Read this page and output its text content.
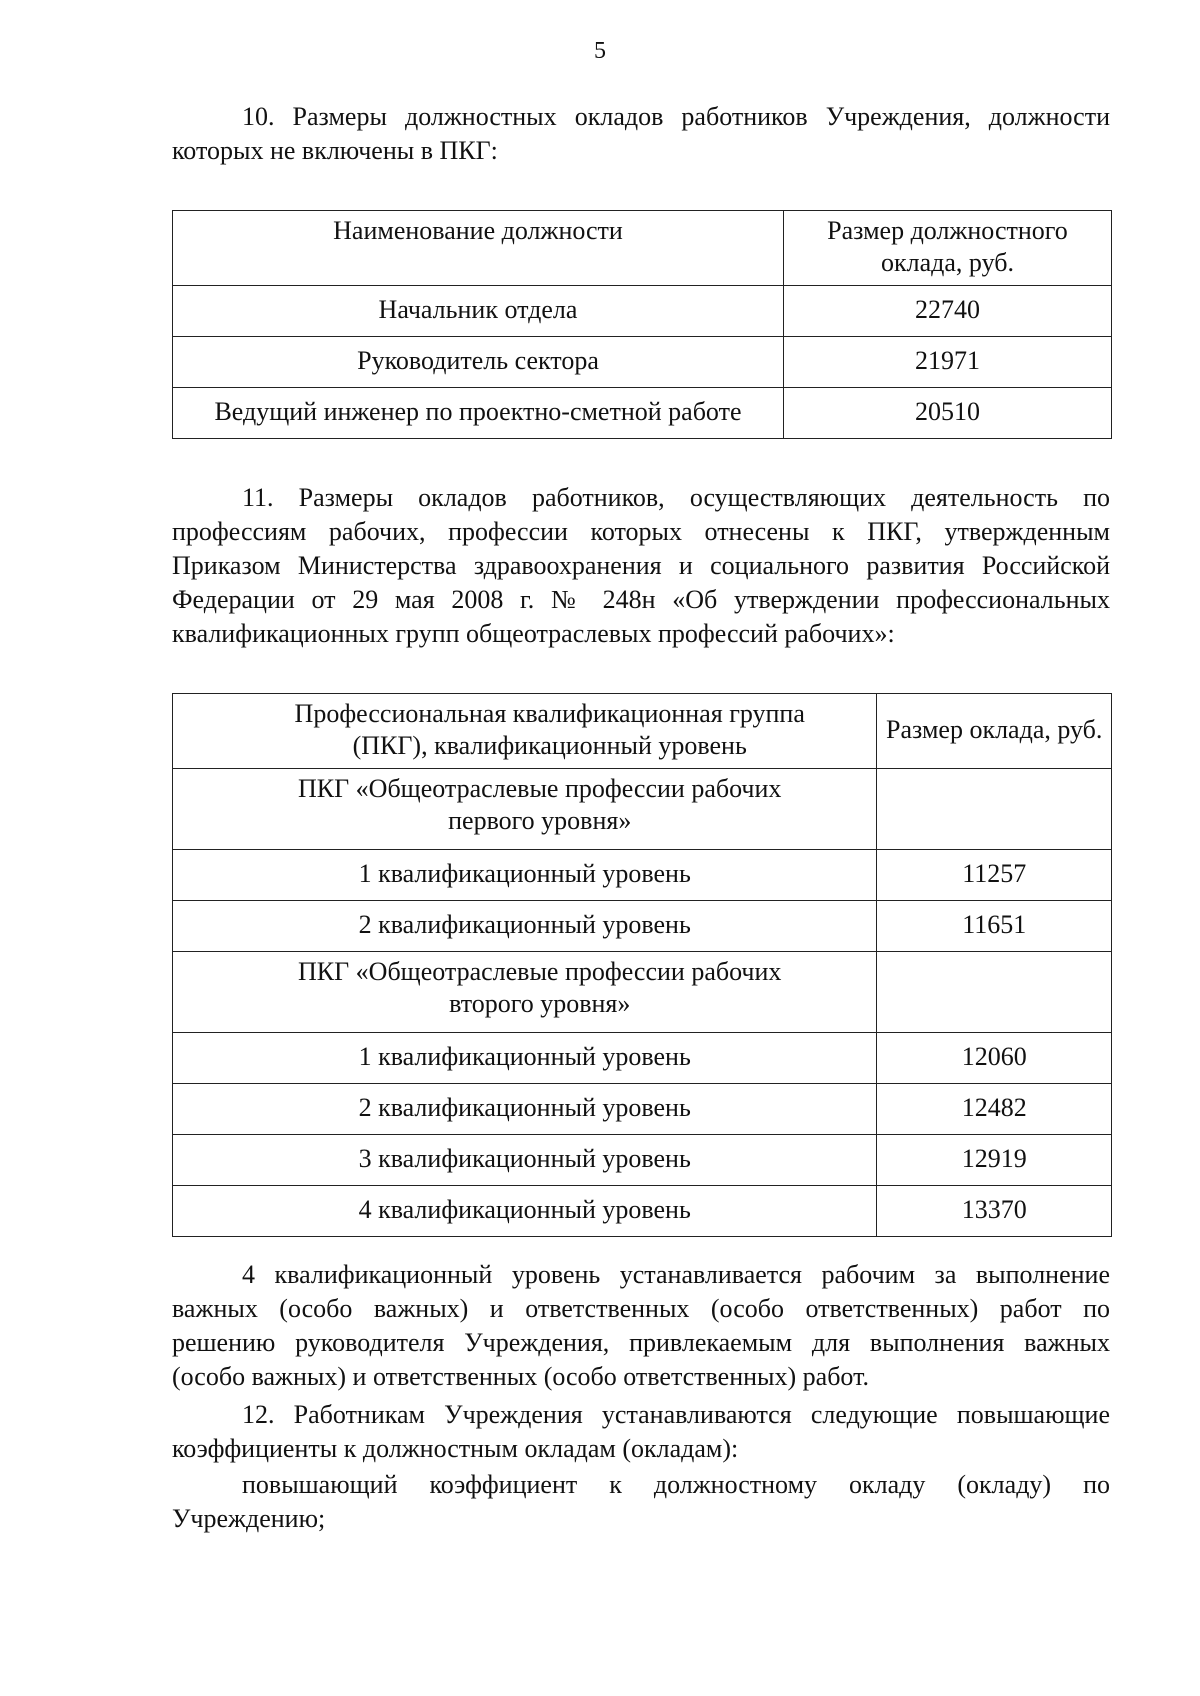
5
10. Размеры должностных окладов работников Учреждения, должности
которых не включены в ПКГ:
Наименование должности	Размер должностного оклада, руб.
Начальник отдела	22740
Руководитель сектора	21971
Ведущий инженер по проектно-сметной работе	20510
11. Размеры окладов работников, осуществляющих деятельность по
профессиям рабочих, профессии которых отнесены к ПКГ, утвержденным
Приказом Министерства здравоохранения и социального развития Российской
Федерации от 29 мая 2008 г. № 248н «Об утверждении профессиональных
квалификационных групп общеотраслевых профессий рабочих»:
Профессиональная квалификационная группа (ПКГ), квалификационный уровень	Размер оклада, руб.
ПКГ «Общеотраслевые профессии рабочих первого уровня»	
1 квалификационный уровень	11257
2 квалификационный уровень	11651
ПКГ «Общеотраслевые профессии рабочих второго уровня»	
1 квалификационный уровень	12060
2 квалификационный уровень	12482
3 квалификационный уровень	12919
4 квалификационный уровень	13370
4 квалификационный уровень устанавливается рабочим за выполнение
важных (особо важных) и ответственных (особо ответственных) работ по
решению руководителя Учреждения, привлекаемым для выполнения важных
(особо важных) и ответственных (особо ответственных) работ.
12. Работникам Учреждения устанавливаются следующие повышающие
коэффициенты к должностным окладам (окладам):
повышающий коэффициент к должностному окладу (окладу) по
Учреждению;
